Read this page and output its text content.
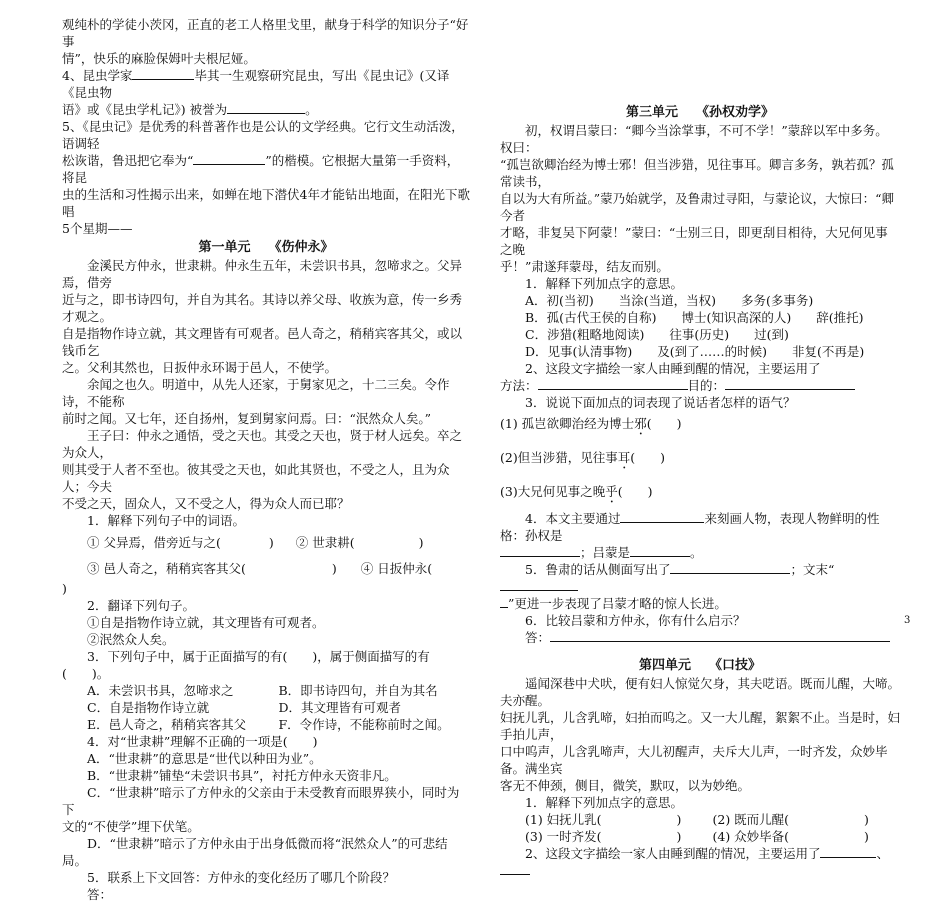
观纯朴的学徒小茨冈，正直的老工人格里戈里，献身于科学的知识分子“好事

情”，快乐的麻脸保姆叶夫根尼娅。

4、昆虫学家	毕其一生观察研究昆虫，写出《昆虫记》(又译《昆虫物

语》或《昆虫学札记》) 被誉为	。

5、《昆虫记》是优秀的科普著作也是公认的文学经典。它行文生动活泼，语调轻

松诙谐，鲁迅把它奉为“	”的楷模。它根据大量第一手资料，将昆

虫的生活和习性揭示出来，如蝉在地下潜伏4年才能钻出地面，在阳光下歌唱

5个星期——

第一单元 《伤仲永》

金溪民方仲永，世隶耕。仲永生五年，未尝识书具，忽啼求之。父异焉，借旁

近与之，即书诗四句，并自为其名。其诗以养父母、收族为意，传一乡秀才观之。

自是指物作诗立就，其文理皆有可观者。邑人奇之，稍稍宾客其父，或以钱币乞

之。父利其然也，日扳仲永环谒于邑人，不使学。

余闻之也久。明道中，从先人还家，于舅家见之，十二三矣。令作诗，不能称

前时之闻。又七年，还自扬州，复到舅家问焉。曰：“泯然众人矣。”

王子曰：仲永之通悟，受之天也。其受之天也，贤于材人远矣。卒之为众人，

则其受于人者不至也。彼其受之天也，如此其贤也，不受之人，且为众人；今夫

不受之天，固众人，又不受之人，得为众人而已耶？

1．解释下列句子中的词语。

① 父异焉，借旁近与之(	) ② 世隶耕(	)
③ 邑人奇之，稍稍宾客其父(	) ④ 日扳仲永(

)

2．翻译下列句子。

①自是指物作诗立就，其文理皆有可观者。

②泯然众人矣。

3．下列句子中，属于正面描写的有(　　)，属于侧面描写的有(　　)。

A．未尝识书具，忽啼求之	B．即书诗四句，并自为其名
C．自是指物作诗立就	D．其文理皆有可观者
E．邑人奇之，稍稍宾客其父	F．令作诗，不能称前时之闻。

4．对“世隶耕”理解不正确的一项是(　　)

A．“世隶耕”的意思是“世代以种田为业”。

B．“世隶耕”铺垫“未尝识书具”，衬托方仲永天资非凡。

C．“世隶耕”暗示了方仲永的父亲由于未受教育而眼界狭小，同时为下

文的“不使学”埋下伏笔。

D．“世隶耕”暗示了方仲永由于出身低微而将“泯然众人”的可悲结局。

5．联系上下文回答：方仲永的变化经历了哪几个阶段？

答：

第三单元 《孙权劝学》

初，权谓吕蒙曰：“卿今当涂掌事，不可不学！”蒙辞以军中多务。权曰：

“孤岂欲卿治经为博士邪！但当涉猎，见往事耳。卿言多务，孰若孤？孤常读书，

自以为大有所益。”蒙乃始就学，及鲁肃过寻阳，与蒙论议，大惊曰：“卿今者

才略，非复吴下阿蒙！”蒙曰：“士别三日，即更刮目相待，大兄何见事之晚

乎！”肃遂拜蒙母，结友而别。

1．解释下列加点字的意思。

A．初(当初)　　当涂(当道，当权)　　多务(多事务)

B．孤(古代王侯的自称)　　博士(知识高深的人)　　辞(推托)

C．涉猎(粗略地阅读)　　往事(历史)　　过(到)

D．见事(认清事物)　　及(到了……的时候)　　非复(不再是)

2、这段文字描绘一家人由睡到醒的情况，主要运用了

方法：	目的：

3．说说下面加点的词表现了说话者怎样的语气？

(1) 孤岂欲卿治经为博士邪(　　)

(2)但当涉猎，见往事耳(　　)

(3)大兄何见事之晚乎(　　)

4．本文主要通过	来刻画人物，表现人物鲜明的性格：孙权是

；吕蒙是	。

5．鲁肃的话从侧面写出了	；文末“

”更进一步表现了吕蒙才略的惊人长进。

6．比较吕蒙和方仲永，你有什么启示？

答：

第四单元 《口技》

遥闻深巷中犬吠，便有妇人惊觉欠身，其夫呓语。既而儿醒，大啼。夫亦醒。

妇抚儿乳，儿含乳啼，妇拍而呜之。又一大儿醒，絮絮不止。当是时，妇手拍儿声，

口中呜声，儿含乳啼声，大儿初醒声，夫斥大儿声，一时齐发，众妙毕备。满坐宾

客无不伸颈，侧目，微笑，默叹，以为妙绝。

1．解释下列加点字的意思。

(1) 妇抚儿乳(　　　　　　)	(2) 既而儿醒(　　　　　　)
(3) 一时齐发(　　　　　　)	(4) 众妙毕备(　　　　　　)

2、这段文字描绘一家人由睡到醒的情况，主要运用了	、

3
